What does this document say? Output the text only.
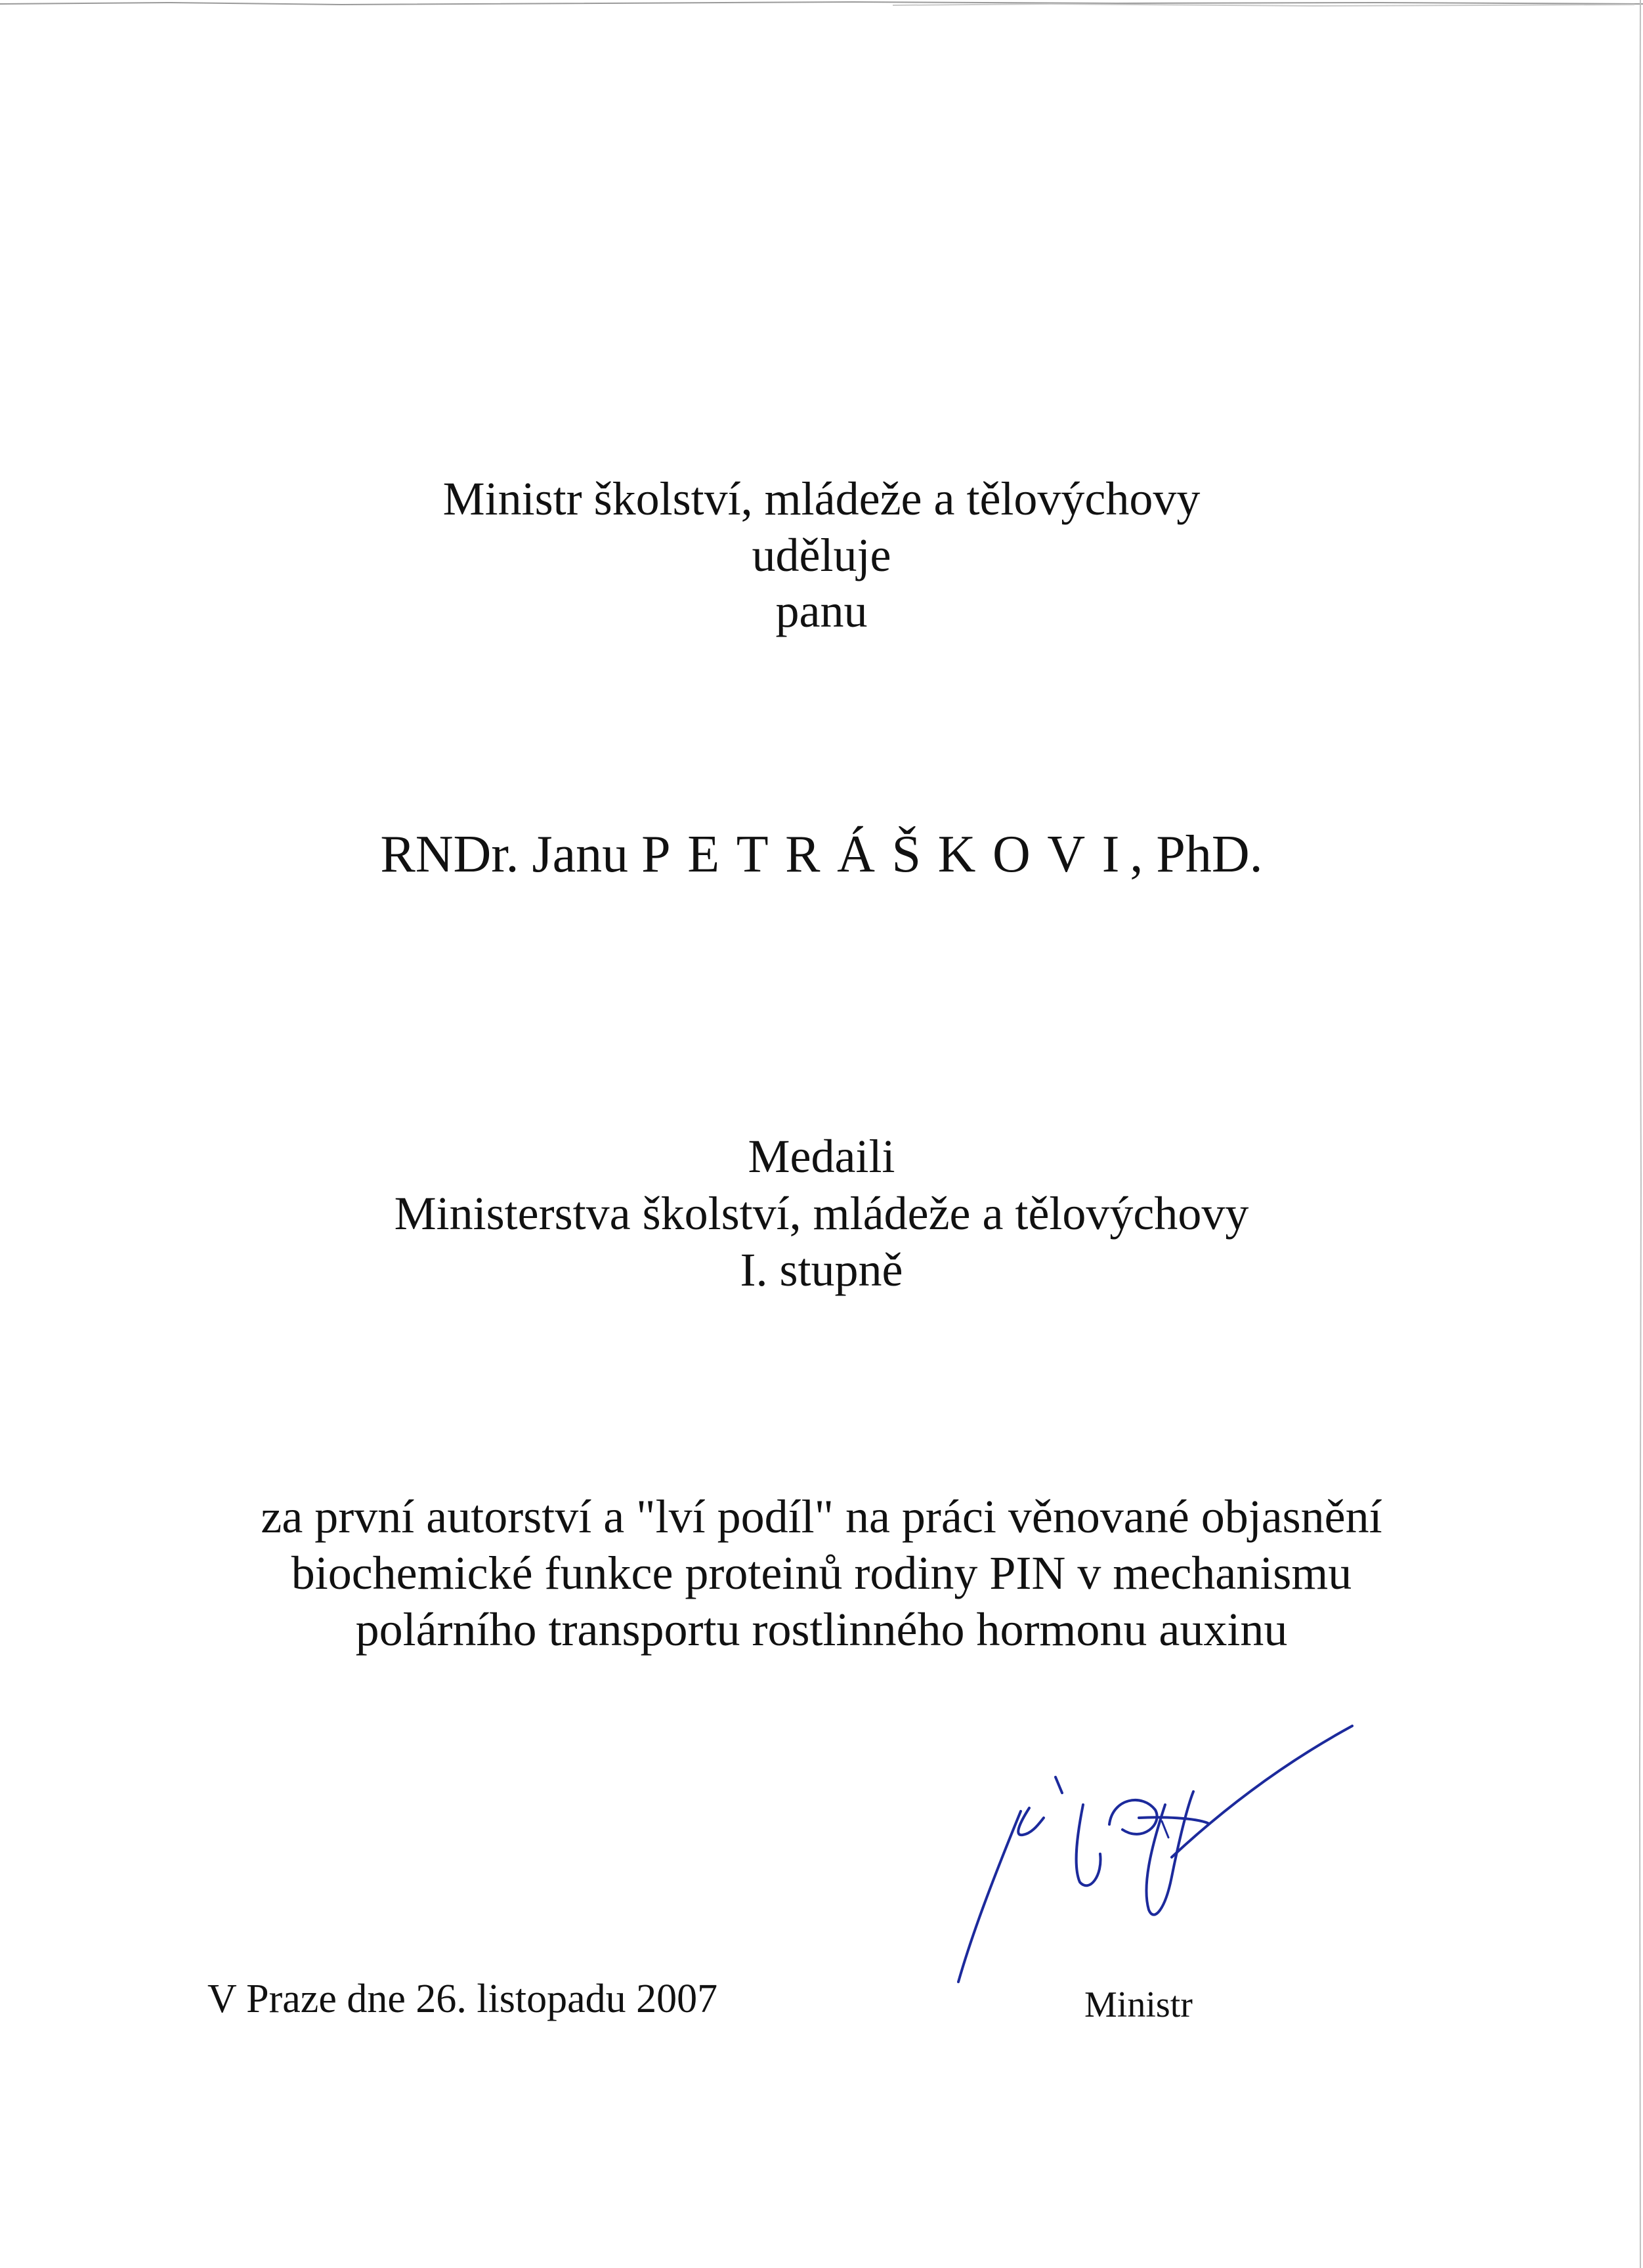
Ministr školství, mládeže a tělovýchovy
uděluje
panu
RNDr. Janu PETRÁŠKOVI, PhD.
Medaili
Ministerstva školství, mládeže a tělovýchovy
I. stupně
za první autorství a "lví podíl" na práci věnované objasnění
biochemické funkce proteinů rodiny PIN v mechanismu
polárního transportu rostlinného hormonu auxinu
V Praze dne 26. listopadu 2007	Ministr
